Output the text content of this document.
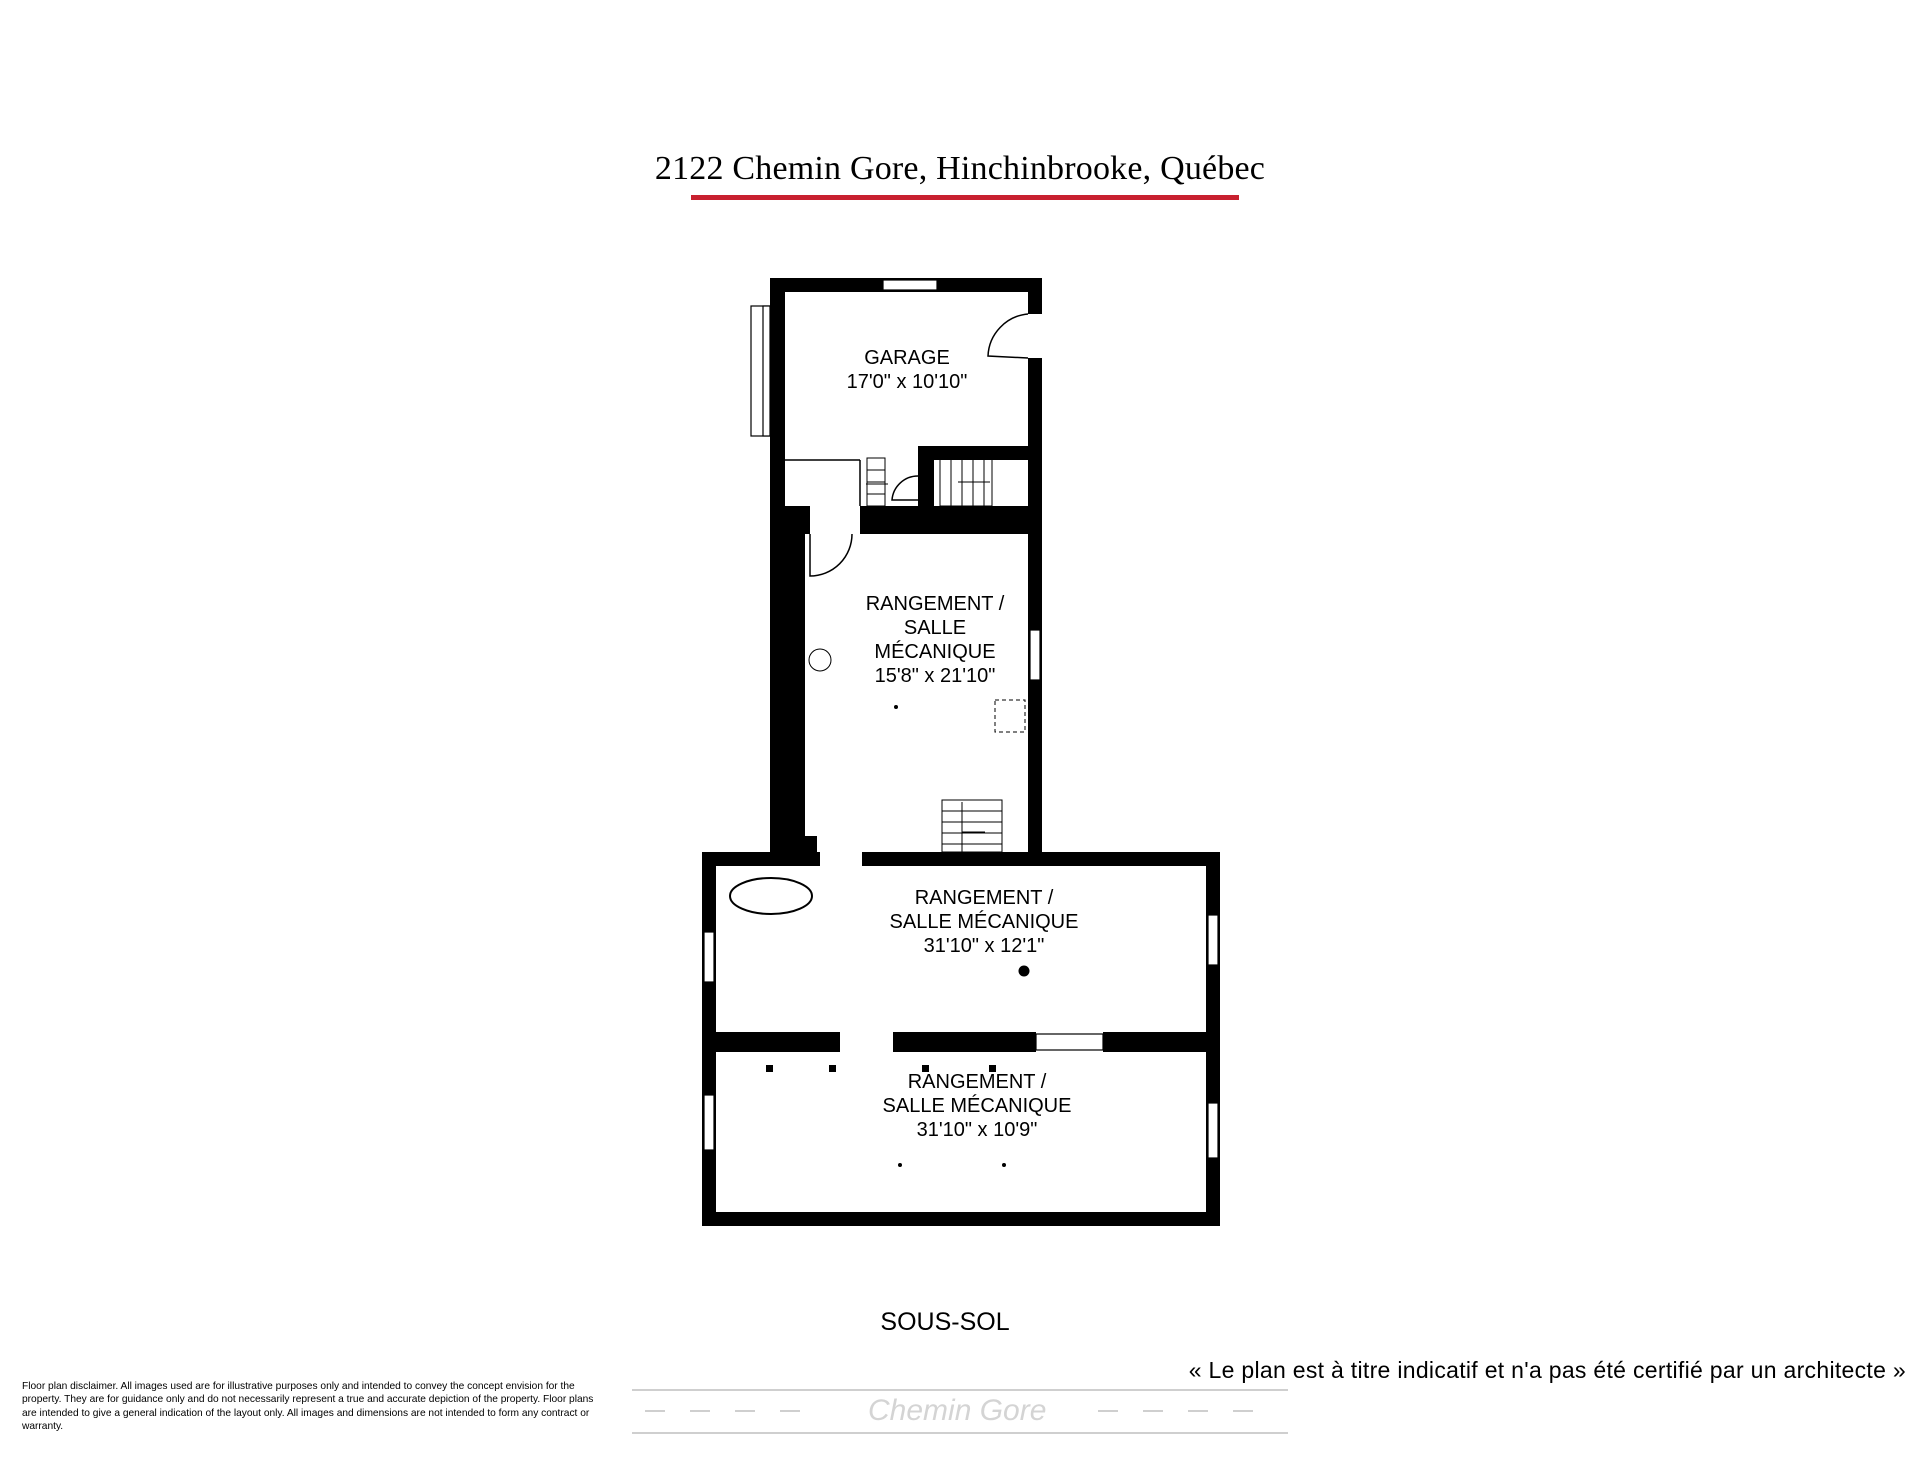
2122 Chemin Gore, Hinchinbrooke, Québec
GARAGE
17'0" x 10'10"
RANGEMENT /
SALLE
MÉCANIQUE
15'8" x 21'10"
RANGEMENT /
SALLE MÉCANIQUE
31'10" x 12'1"
RANGEMENT /
SALLE MÉCANIQUE
31'10" x 10'9"
SOUS-SOL
Chemin Gore
« Le plan est à titre indicatif et n'a pas été certifié par un architecte »
Floor plan disclaimer. All images used are for illustrative purposes only and intended to convey the concept envision for the property. They are for guidance only and do not necessarily represent a true and accurate depiction of the property. Floor plans are intended to give a general indication of the layout only. All images and dimensions are not intended to form any contract or warranty.
